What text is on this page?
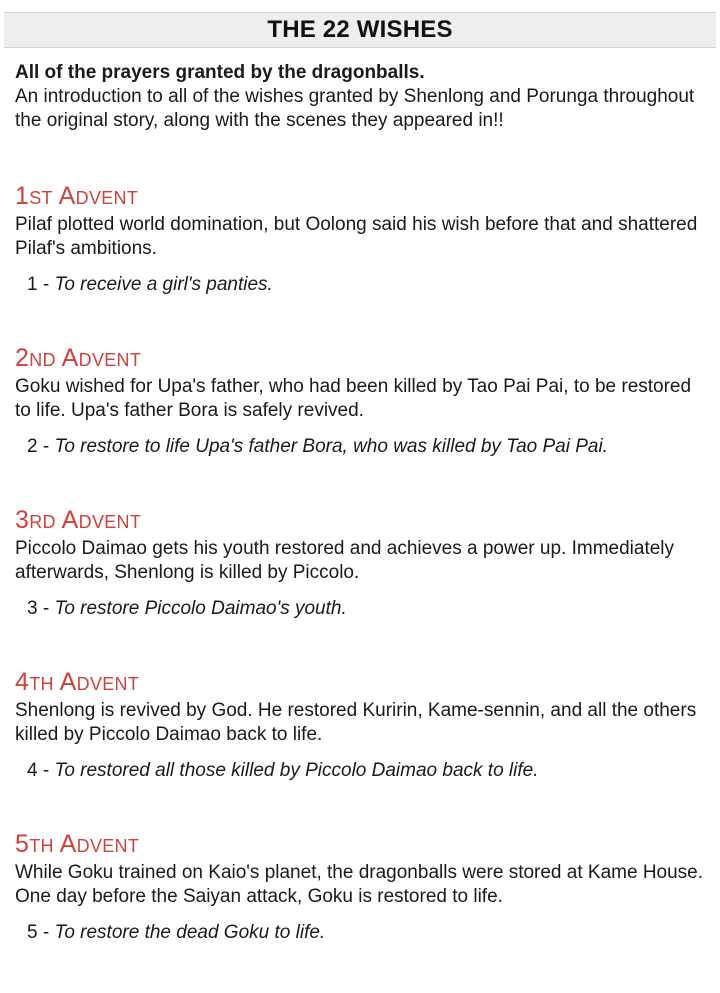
THE 22 WISHES
All of the prayers granted by the dragonballs.
An introduction to all of the wishes granted by Shenlong and Porunga throughout the original story, along with the scenes they appeared in!!
1st Advent
Pilaf plotted world domination, but Oolong said his wish before that and shattered Pilaf's ambitions.
1 - To receive a girl's panties.
2nd Advent
Goku wished for Upa's father, who had been killed by Tao Pai Pai, to be restored to life. Upa's father Bora is safely revived.
2 - To restore to life Upa's father Bora, who was killed by Tao Pai Pai.
3rd Advent
Piccolo Daimao gets his youth restored and achieves a power up. Immediately afterwards, Shenlong is killed by Piccolo.
3 - To restore Piccolo Daimao's youth.
4th Advent
Shenlong is revived by God. He restored Kuririn, Kame-sennin, and all the others killed by Piccolo Daimao back to life.
4 - To restored all those killed by Piccolo Daimao back to life.
5th Advent
While Goku trained on Kaio's planet, the dragonballs were stored at Kame House. One day before the Saiyan attack, Goku is restored to life.
5 - To restore the dead Goku to life.
